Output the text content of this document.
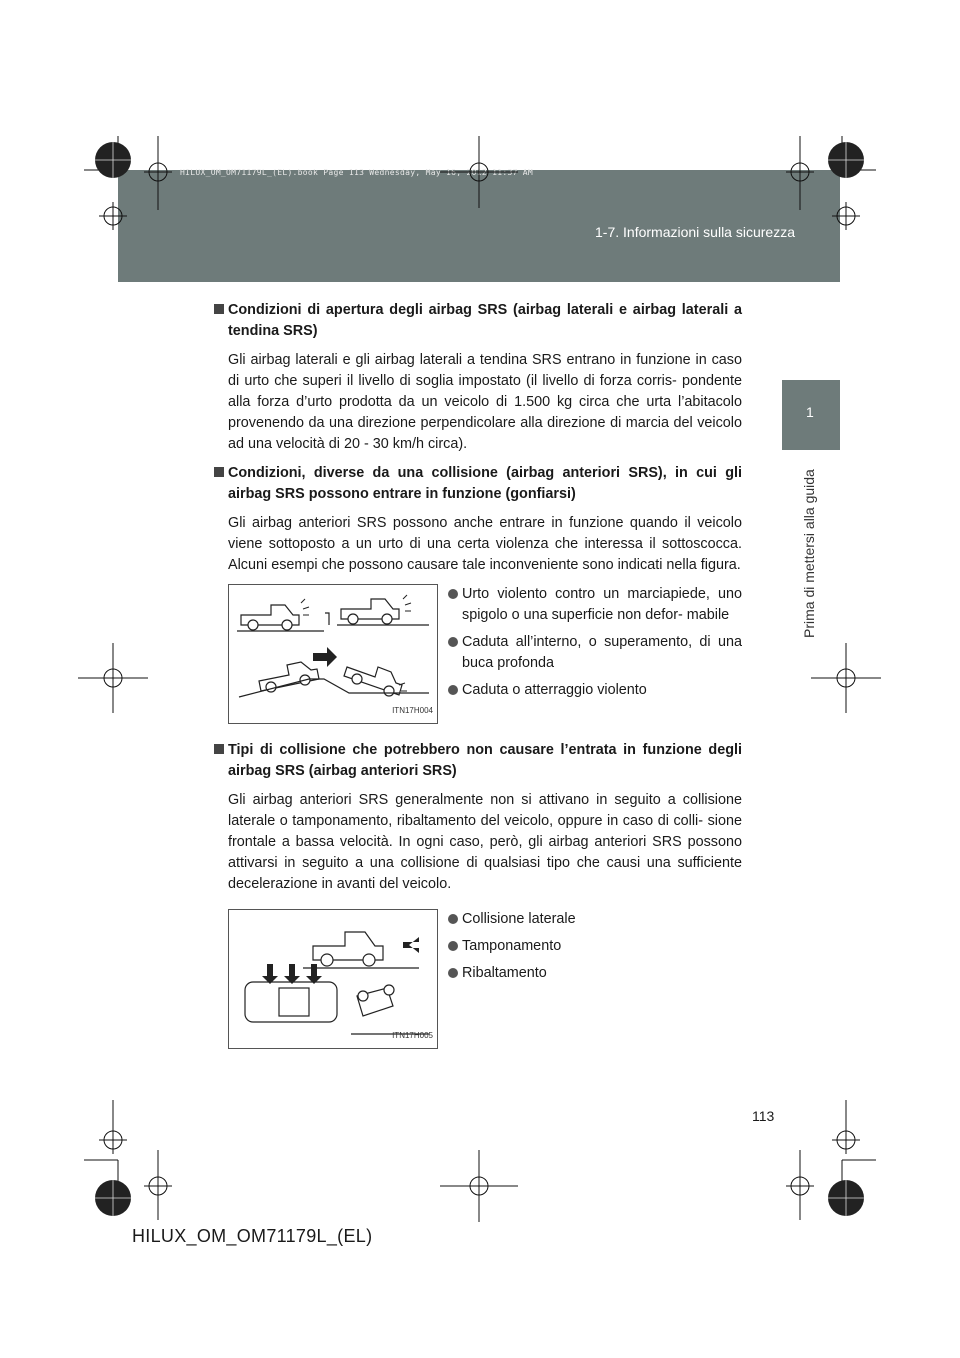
HILUX_OM_OM71179L_(EL).book Page 113 Wednesday, May 16, 2012 11:37 AM
1-7. Informazioni sulla sicurezza
1
Prima di mettersi alla guida
Condizioni di apertura degli airbag SRS (airbag laterali e airbag laterali a tendina SRS)
Gli airbag laterali e gli airbag laterali a tendina SRS entrano in funzione in caso di urto che superi il livello di soglia impostato (il livello di forza corris- pondente alla forza d’urto prodotta da un veicolo di 1.500 kg circa che urta l’abitacolo provenendo da una direzione perpendicolare alla direzione di marcia del veicolo ad una velocità di 20 - 30 km/h circa).
Condizioni, diverse da una collisione (airbag anteriori SRS), in cui gli airbag SRS possono entrare in funzione (gonfiarsi)
Gli airbag anteriori SRS possono anche entrare in funzione quando il veicolo viene sottoposto a un urto di una certa violenza che interessa il sottoscocca. Alcuni esempi che possono causare tale inconveniente sono indicati nella figura.
ITN17H004
Urto violento contro un marciapiede, uno spigolo o una superficie non defor- mabile
Caduta all’interno, o superamento, di una buca profonda
Caduta o atterraggio violento
Tipi di collisione che potrebbero non causare l’entrata in funzione degli airbag SRS (airbag anteriori SRS)
Gli airbag anteriori SRS generalmente non si attivano in seguito a collisione laterale o tamponamento, ribaltamento del veicolo, oppure in caso di colli- sione frontale a bassa velocità. In ogni caso, però, gli airbag anteriori SRS possono attivarsi in seguito a una collisione di qualsiasi tipo che causi una sufficiente decelerazione in avanti del veicolo.
ITN17H005
Collisione laterale
Tamponamento
Ribaltamento
113
HILUX_OM_OM71179L_(EL)
